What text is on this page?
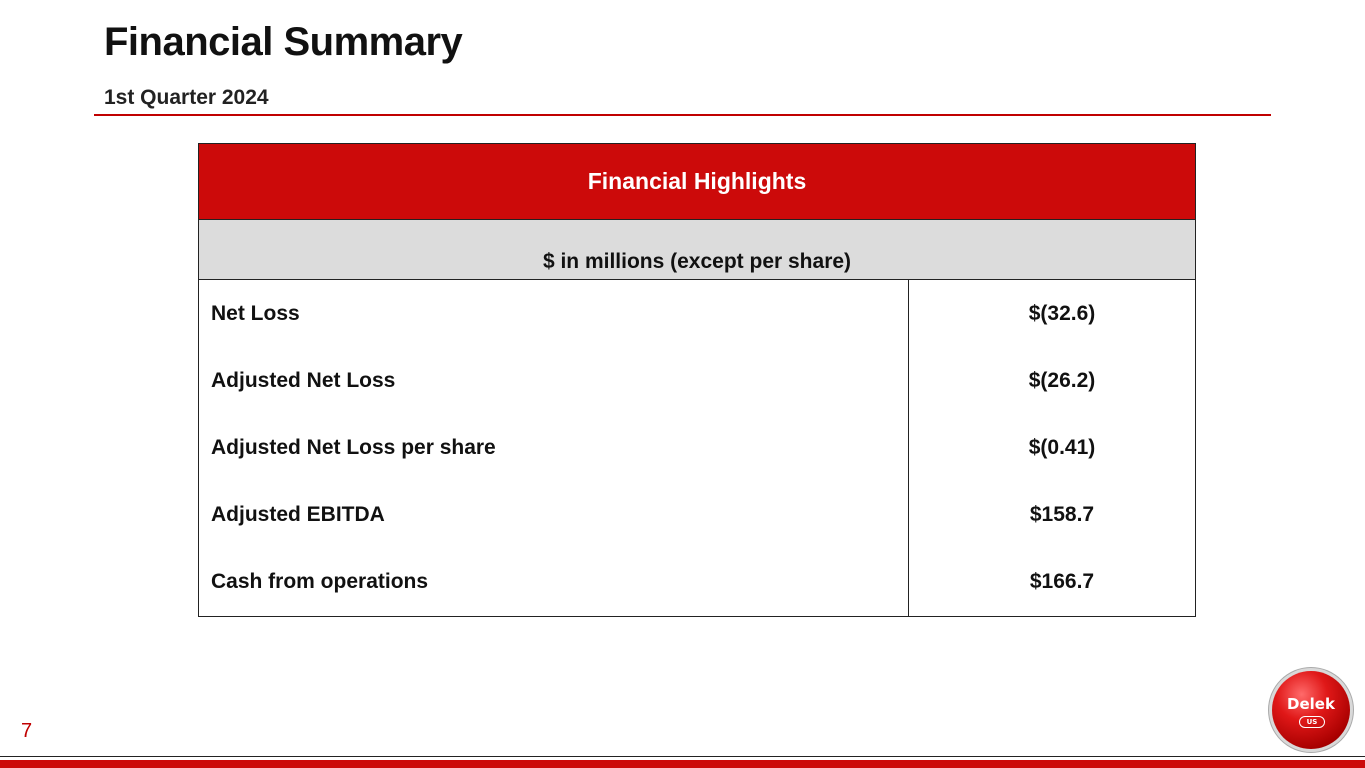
Financial Summary
1st Quarter 2024
Financial Highlights
$ in millions (except per share)
Net Loss	$(32.6)
Adjusted Net Loss	$(26.2)
Adjusted Net Loss per share	$(0.41)
Adjusted EBITDA	$158.7
Cash from operations	$166.7
7
Delek
US
